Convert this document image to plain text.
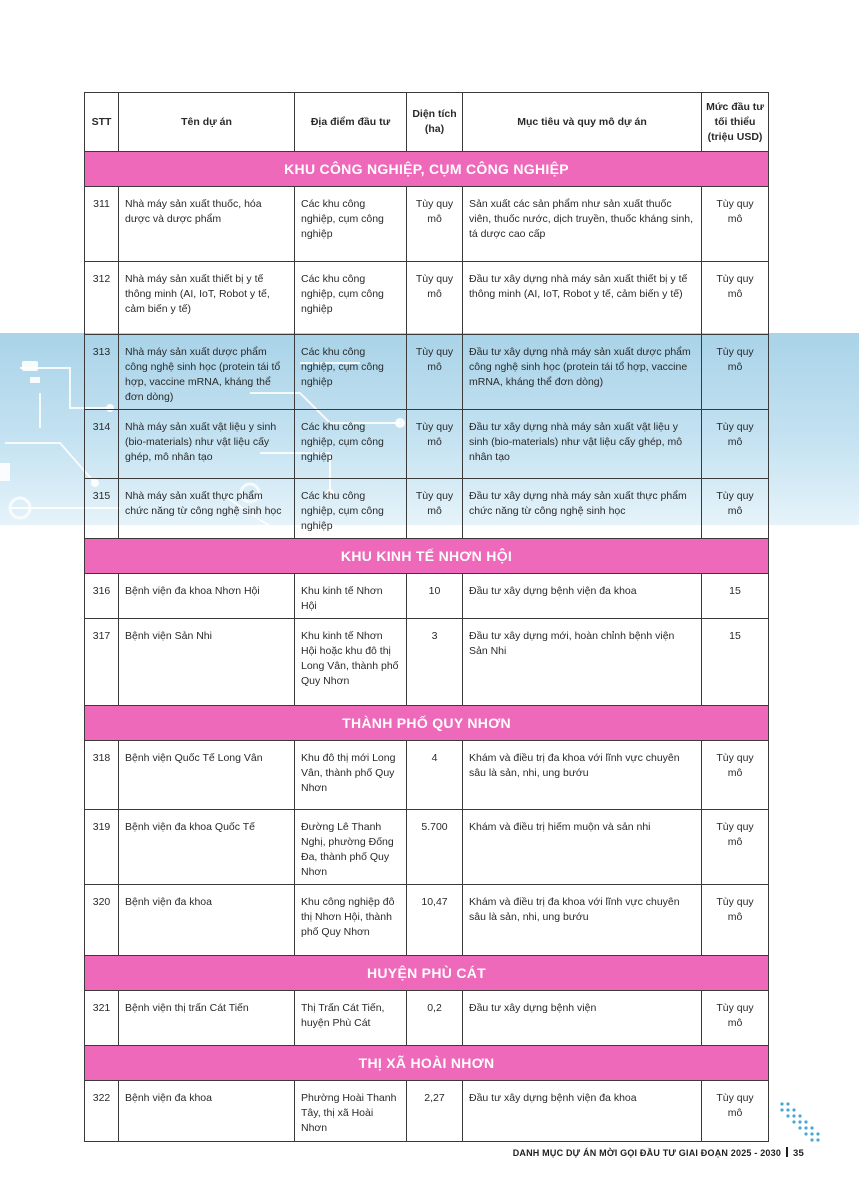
STT	Tên dự án	Địa điểm đầu tư	Diện tích (ha)	Mục tiêu và quy mô dự án	Mức đầu tư tối thiểu (triệu USD)
KHU CÔNG NGHIỆP, CỤM CÔNG NGHIỆP					
311	Nhà máy sản xuất thuốc, hóa dược và dược phẩm	Các khu công nghiệp, cụm công nghiệp	Tùy quy mô	Sản xuất các sản phẩm như sản xuất thuốc viên, thuốc nước, dịch truyền, thuốc kháng sinh, tá dược cao cấp	Tùy quy mô
312	Nhà máy sản xuất thiết bị y tế thông minh (AI, IoT, Robot y tế, cảm biến y tế)	Các khu công nghiệp, cụm công nghiệp	Tùy quy mô	Đầu tư xây dựng nhà máy sản xuất thiết bị y tế thông minh (AI, IoT, Robot y tế, cảm biến y tế)	Tùy quy mô
313	Nhà máy sản xuất dược phẩm công nghệ sinh học (protein tái tổ hợp, vaccine mRNA, kháng thể đơn dòng)	Các khu công nghiệp, cụm công nghiệp	Tùy quy mô	Đầu tư xây dựng nhà máy sản xuất dược phẩm công nghệ sinh học (protein tái tổ hợp, vaccine mRNA, kháng thể đơn dòng)	Tùy quy mô
314	Nhà máy sản xuất vật liệu y sinh (bio-materials) như vật liệu cấy ghép, mô nhân tạo	Các khu công nghiệp, cụm công nghiệp	Tùy quy mô	Đầu tư xây dựng nhà máy sản xuất vật liệu y sinh (bio-materials) như vật liệu cấy ghép, mô nhân tạo	Tùy quy mô
315	Nhà máy sản xuất thực phẩm chức năng từ công nghệ sinh học	Các khu công nghiệp, cụm công nghiệp	Tùy quy mô	Đầu tư xây dựng nhà máy sản xuất thực phẩm chức năng từ công nghệ sinh học	Tùy quy mô
KHU KINH TẾ NHƠN HỘI					
316	Bệnh viện đa khoa Nhơn Hội	Khu kinh tế Nhơn Hội	10	Đầu tư xây dựng bệnh viện đa khoa	15
317	Bệnh viện Sản Nhi	Khu kinh tế Nhơn Hội hoặc khu đô thị Long Vân, thành phố Quy Nhơn	3	Đầu tư xây dựng mới, hoàn chỉnh bệnh viện Sản Nhi	15
THÀNH PHỐ QUY NHƠN					
318	Bệnh viện Quốc Tế Long Vân	Khu đô thị mới Long Vân, thành phố Quy Nhơn	4	Khám và điều trị đa khoa với lĩnh vực chuyên sâu là sản, nhi, ung bướu	Tùy quy mô
319	Bệnh viện đa khoa Quốc Tế	Đường Lê Thanh Nghị, phường Đống Đa, thành phố Quy Nhơn	5.700	Khám và điều trị hiếm muộn và sản nhi	Tùy quy mô
320	Bệnh viện đa khoa	Khu công nghiệp đô thị Nhơn Hội, thành phố Quy Nhơn	10,47	Khám và điều trị đa khoa với lĩnh vực chuyên sâu là sản, nhi, ung bướu	Tùy quy mô
HUYỆN PHÙ CÁT					
321	Bệnh viện thị trấn Cát Tiến	Thị Trấn Cát Tiến, huyện Phù Cát	0,2	Đầu tư xây dựng bệnh viện	Tùy quy mô
THỊ XÃ HOÀI NHƠN					
322	Bệnh viện đa khoa	Phường Hoài Thanh Tây, thị xã Hoài Nhơn	2,27	Đầu tư xây dựng bệnh viện đa khoa	Tùy quy mô
DANH MỤC DỰ ÁN MỜI GỌI ĐẦU TƯ GIAI ĐOẠN 2025 - 2030 35
